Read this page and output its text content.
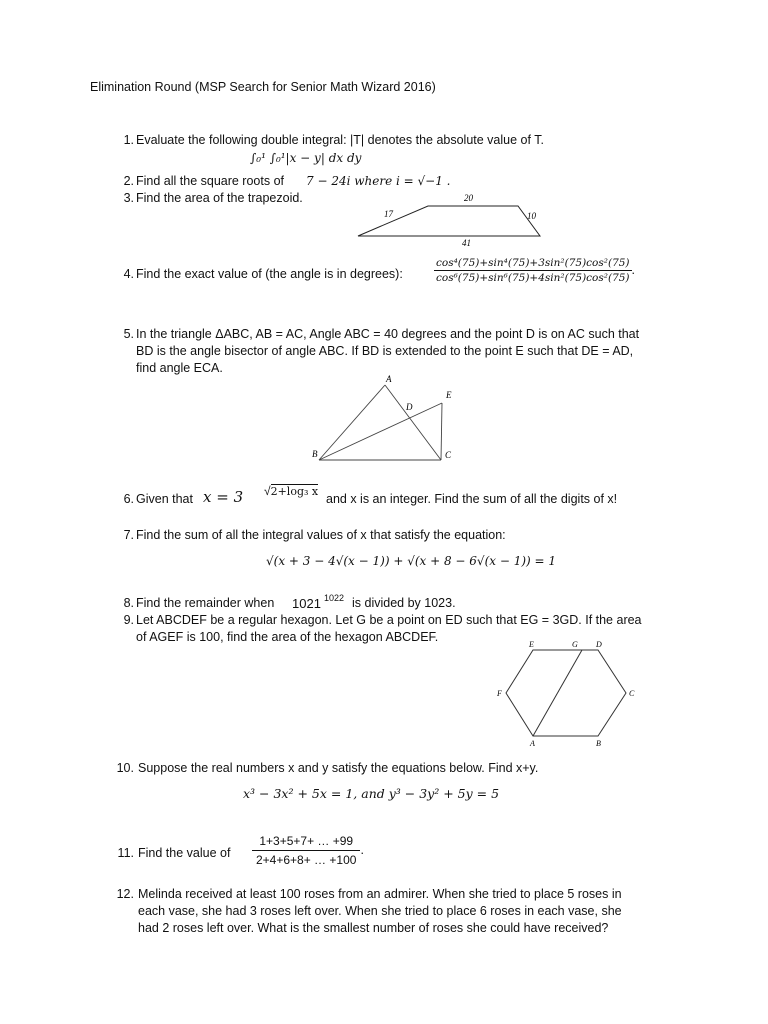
Elimination Round (MSP Search for Senior Math Wizard 2016)
1. Evaluate the following double integral: |T| denotes the absolute value of T.
∫₀¹ ∫₀¹|x − y| dx dy
2. Find all the square roots of 7 − 24i where i = √−1 .
3. Find the area of the trapezoid.	20
17	10
41
4. Find the exact value of (the angle is in degrees):	$\frac{\text{cos⁴(75)+sin⁴(75)+3sin²(75)cos²(75)}}{\text{cos⁶(75)+sin⁶(75)+4sin²(75)cos²(75)}}$ .
5. In the triangle ΔABC, AB = AC, Angle ABC = 40 degrees and the point D is on AC such that
BD is the angle bisector of angle ABC. If BD is extended to the point E such that DE = AD,
find angle ECA.
A
B	C
D
E
6. Given that x = 3 √2+log₃ x
and x is an integer. Find the sum of all the digits of x!
7. Find the sum of all the integral values of x that satisfy the equation:
√(x + 3 − 4√(x − 1)) + √(x + 8 − 6√(x − 1)) = 1
8. Find the remainder when 1021 1022 is divided by 1023.
9. Let ABCDEF be a regular hexagon. Let G be a point on ED such that EG = 3GD. If the area
of AGEF is 100, find the area of the hexagon ABCDEF.
E	G D
C
F
A	B
10. Suppose the real numbers x and y satisfy the equations below. Find x+y.
x³ − 3x² + 5x = 1, and y³ − 3y² + 5y = 5
11. Find the value of $\frac{1+3+5+7+ \dots +99}{2+4+6+8+ \dots +100}$ .
12. Melinda received at least 100 roses from an admirer. When she tried to place 5 roses in
each vase, she had 3 roses left over. When she tried to place 6 roses in each vase, she
had 2 roses left over. What is the smallest number of roses she could have received?
